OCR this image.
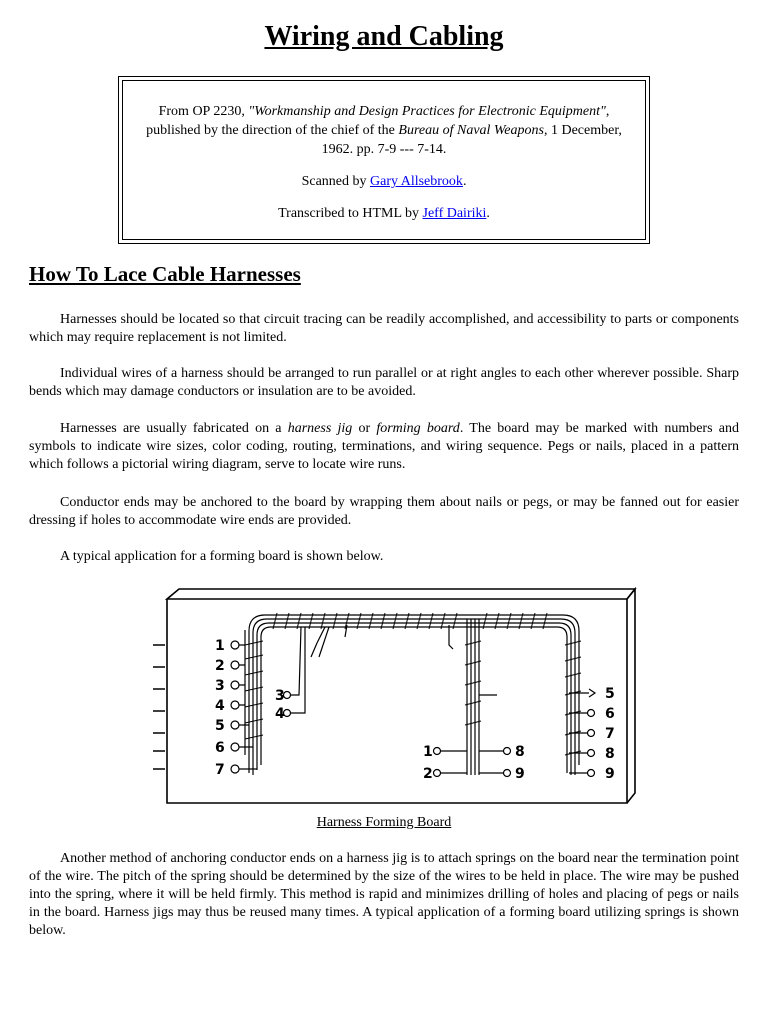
Wiring and Cabling

From OP 2230, "Workmanship and Design Practices for Electronic Equipment", published by the direction of the chief of the Bureau of Naval Weapons, 1 December, 1962. pp. 7-9 --- 7-14.

Scanned by Gary Allsebrook.

Transcribed to HTML by Jeff Dairiki.

How To Lace Cable Harnesses

Harnesses should be located so that circuit tracing can be readily accomplished, and accessibility to parts or components which may require replacement is not limited.

Individual wires of a harness should be arranged to run parallel or at right angles to each other wherever possible. Sharp bends which may damage conductors or insulation are to be avoided.

Harnesses are usually fabricated on a harness jig or forming board. The board may be marked with numbers and symbols to indicate wire sizes, color coding, routing, terminations, and wiring sequence. Pegs or nails, placed in a pattern which follows a pictorial wiring diagram, serve to locate wire runs.

Conductor ends may be anchored to the board by wrapping them about nails or pegs, or may be fanned out for easier dressing if holes to accommodate wire ends are provided.

A typical application for a forming board is shown below.

1
2
3
4
5
6
7
3
4
1
2
8
9
5
6
7
8
9
Harness Forming Board

Another method of anchoring conductor ends on a harness jig is to attach springs on the board near the termination point of the wire. The pitch of the spring should be determined by the size of the wires to be held in place. The wire may be pushed into the spring, where it will be held firmly. This method is rapid and minimizes drilling of holes and placing of pegs or nails in the board. Harness jigs may thus be reused many times. A typical application of a forming board utilizing springs is shown below.
